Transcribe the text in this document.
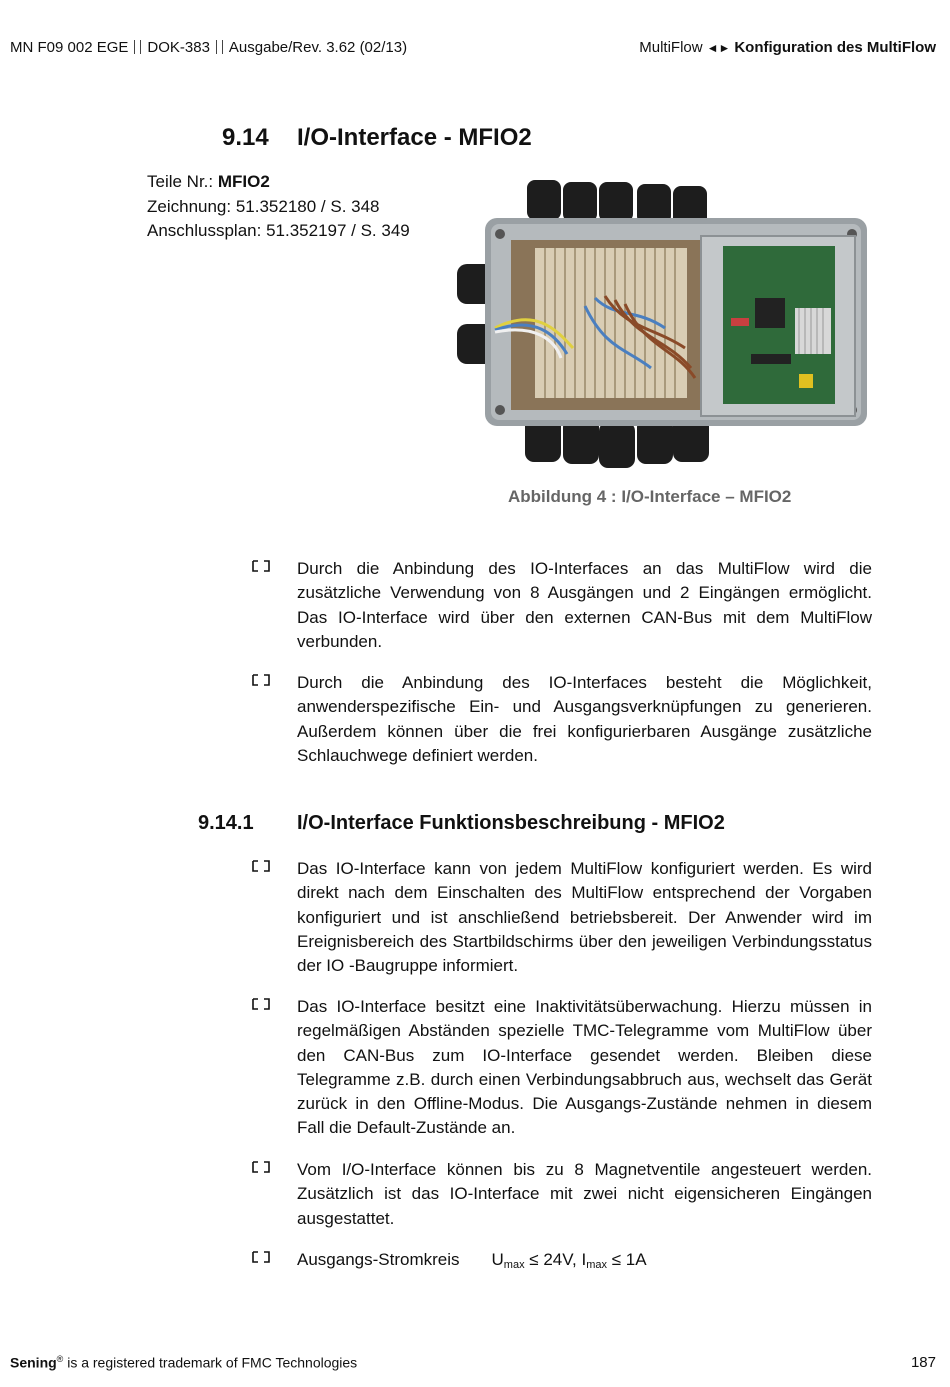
MN F09 002 EGE DOK-383 Ausgabe/Rev. 3.62 (02/13)	MultiFlow ◄► Konfiguration des MultiFlow
9.14 I/O-Interface - MFIO2
Teile Nr.: MFIO2
Zeichnung: 51.352180 / S. 348
Anschlussplan: 51.352197 / S. 349
Abbildung 4 : I/O-Interface – MFIO2
Durch die Anbindung des IO-Interfaces an das MultiFlow wird die zusätzliche Verwendung von 8 Ausgängen und 2 Eingängen ermöglicht. Das IO-Interface wird über den externen CAN-Bus mit dem MultiFlow verbunden.
Durch die Anbindung des IO-Interfaces besteht die Möglichkeit, anwenderspezifische Ein- und Ausgangsverknüpfungen zu generieren. Außerdem können über die frei konfigurierbaren Ausgänge zusätzliche Schlauchwege definiert werden.
9.14.1 I/O-Interface Funktionsbeschreibung - MFIO2
Das IO-Interface kann von jedem MultiFlow konfiguriert werden. Es wird direkt nach dem Einschalten des MultiFlow entsprechend der Vorgaben konfiguriert und ist anschließend betriebsbereit. Der Anwender wird im Ereignisbereich des Startbildschirms über den jeweiligen Verbindungsstatus der IO -Baugruppe informiert.
Das IO-Interface besitzt eine Inaktivitätsüberwachung. Hierzu müssen in regelmäßigen Abständen spezielle TMC-Telegramme vom MultiFlow über den CAN-Bus zum IO-Interface gesendet werden. Bleiben diese Telegramme z.B. durch einen Verbindungsabbruch aus, wechselt das Gerät zurück in den Offline-Modus. Die Ausgangs-Zustände nehmen in diesem Fall die Default-Zustände an.
Vom I/O-Interface können bis zu 8 Magnetventile angesteuert werden. Zusätzlich ist das IO-Interface mit zwei nicht eigensicheren Eingängen ausgestattet.
Ausgangs-Stromkreis $U_{max} \le 24V$, $I_{max} \le 1A$
Sening® is a registered trademark of FMC Technologies	187
